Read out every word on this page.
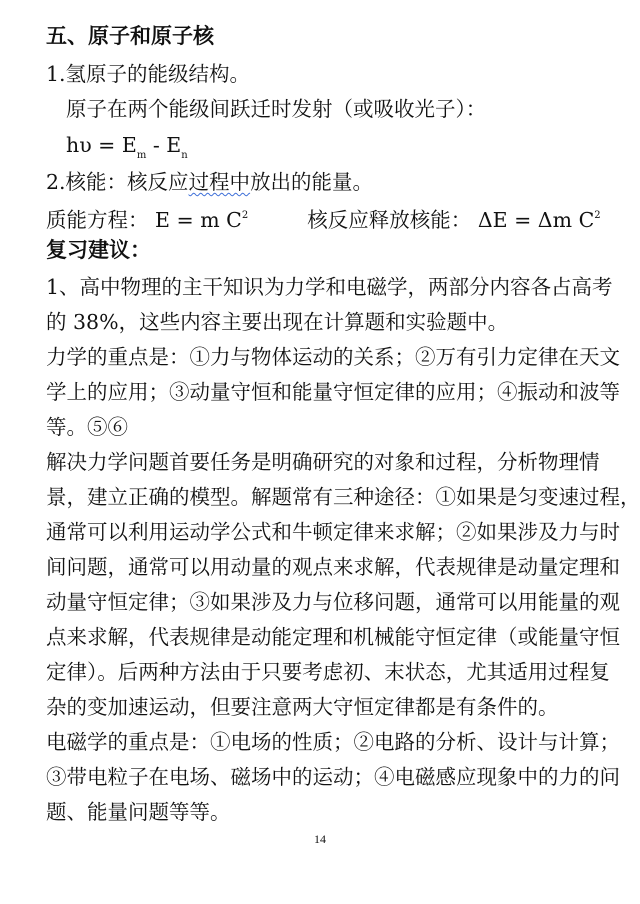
五、原子和原子核
1.氢原子的能级结构。
原子在两个能级间跃迁时发射（或吸收光子）：
$h\upsilon = E_m - E_n$
2.核能：核反应过程中放出的能量。
质能方程： E = m $C^2$	核反应释放核能： ΔE = Δm $C^2$
复习建议：
1、高中物理的主干知识为力学和电磁学，两部分内容各占高考
的 38%，这些内容主要出现在计算题和实验题中。
力学的重点是：①力与物体运动的关系；②万有引力定律在天文
学上的应用；③动量守恒和能量守恒定律的应用；④振动和波等
等。⑤⑥
解决力学问题首要任务是明确研究的对象和过程，分析物理情
景，建立正确的模型。解题常有三种途径：①如果是匀变速过程，
通常可以利用运动学公式和牛顿定律来求解；②如果涉及力与时
间问题，通常可以用动量的观点来求解，代表规律是动量定理和
动量守恒定律；③如果涉及力与位移问题，通常可以用能量的观
点来求解，代表规律是动能定理和机械能守恒定律（或能量守恒
定律）。后两种方法由于只要考虑初、末状态，尤其适用过程复
杂的变加速运动，但要注意两大守恒定律都是有条件的。
电磁学的重点是：①电场的性质；②电路的分析、设计与计算；
③带电粒子在电场、磁场中的运动；④电磁感应现象中的力的问
题、能量问题等等。
14
